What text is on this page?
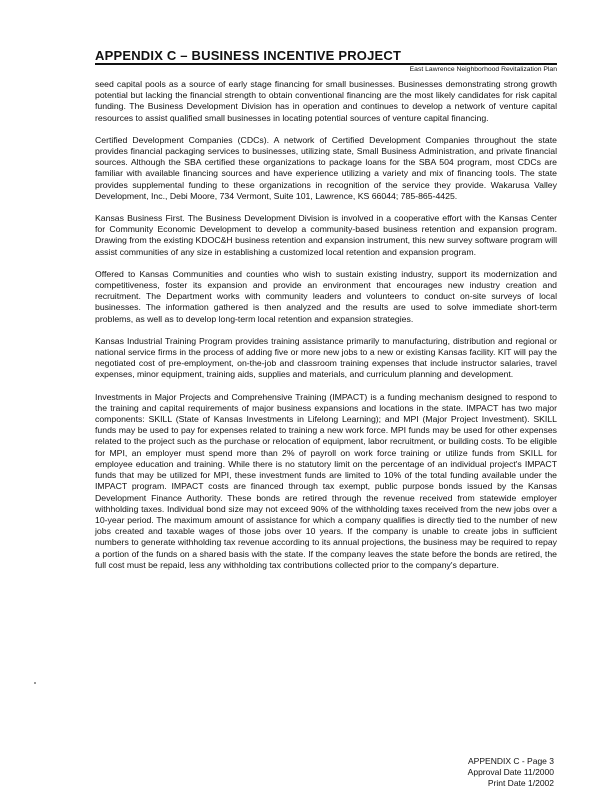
APPENDIX C – BUSINESS INCENTIVE PROJECT
East Lawrence Neighborhood Revitalization Plan

seed capital pools as a source of early stage financing for small businesses. Businesses demonstrating strong growth potential but lacking the financial strength to obtain conventional financing are the most likely candidates for risk capital funding. The Business Development Division has in operation and continues to develop a network of venture capital resources to assist qualified small businesses in locating potential sources of venture capital financing.

Certified Development Companies (CDCs). A network of Certified Development Companies throughout the state provides financial packaging services to businesses, utilizing state, Small Business Administration, and private financial sources. Although the SBA certified these organizations to package loans for the SBA 504 program, most CDCs are familiar with available financing sources and have experience utilizing a variety and mix of financing tools. The state provides supplemental funding to these organizations in recognition of the service they provide. Wakarusa Valley Development, Inc., Debi Moore, 734 Vermont, Suite 101, Lawrence, KS 66044; 785-865-4425.

Kansas Business First. The Business Development Division is involved in a cooperative effort with the Kansas Center for Community Economic Development to develop a community-based business retention and expansion program. Drawing from the existing KDOC&H business retention and expansion instrument, this new survey software program will assist communities of any size in establishing a customized local retention and expansion program.

Offered to Kansas Communities and counties who wish to sustain existing industry, support its modernization and competitiveness, foster its expansion and provide an environment that encourages new industry creation and recruitment. The Department works with community leaders and volunteers to conduct on-site surveys of local businesses. The information gathered is then analyzed and the results are used to solve immediate short-term problems, as well as to develop long-term local retention and expansion strategies.

Kansas Industrial Training Program provides training assistance primarily to manufacturing, distribution and regional or national service firms in the process of adding five or more new jobs to a new or existing Kansas facility. KIT will pay the negotiated cost of pre-employment, on-the-job and classroom training expenses that include instructor salaries, travel expenses, minor equipment, training aids, supplies and materials, and curriculum planning and development.

Investments in Major Projects and Comprehensive Training (IMPACT) is a funding mechanism designed to respond to the training and capital requirements of major business expansions and locations in the state. IMPACT has two major components: SKILL (State of Kansas Investments in Lifelong Learning); and MPI (Major Project Investment). SKILL funds may be used to pay for expenses related to training a new work force. MPI funds may be used for other expenses related to the project such as the purchase or relocation of equipment, labor recruitment, or building costs. To be eligible for MPI, an employer must spend more than 2% of payroll on work force training or utilize funds from SKILL for employee education and training. While there is no statutory limit on the percentage of an individual project's IMPACT funds that may be utilized for MPI, these investment funds are limited to 10% of the total funding available under the IMPACT program. IMPACT costs are financed through tax exempt, public purpose bonds issued by the Kansas Development Finance Authority. These bonds are retired through the revenue received from statewide employer withholding taxes. Individual bond size may not exceed 90% of the withholding taxes received from the new jobs over a 10-year period. The maximum amount of assistance for which a company qualifies is directly tied to the number of new jobs created and taxable wages of those jobs over 10 years. If the company is unable to create jobs in sufficient numbers to generate withholding tax revenue according to its annual projections, the business may be required to repay a portion of the funds on a shared basis with the state. If the company leaves the state before the bonds are retired, the full cost must be repaid, less any withholding tax contributions collected prior to the company's departure.

APPENDIX C - Page 3
Approval Date 11/2000
Print Date 1/2002
